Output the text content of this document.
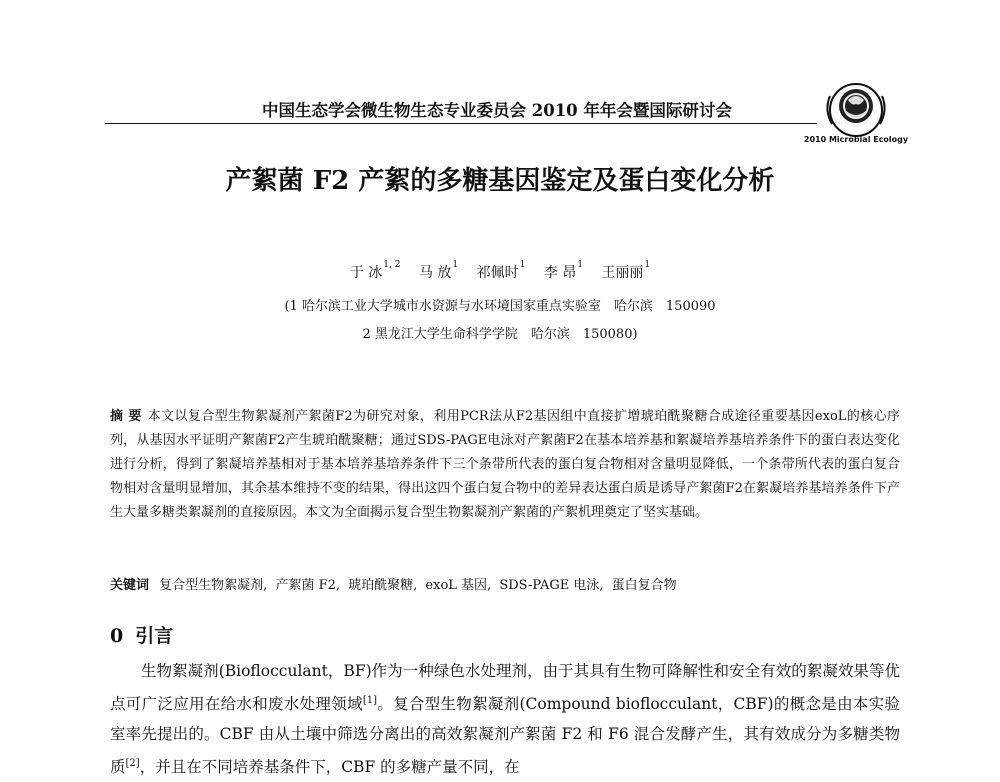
中国生态学会微生物生态专业委员会 2010 年年会暨国际研讨会
2010 Microbial Ecology
产絮菌 F2 产絮的多糖基因鉴定及蛋白变化分析
于 冰$^{1, 2}$ 马 放$^1$ 祁佩时$^1$ 李 昂$^1$ 王丽丽$^1$
(1 哈尔滨工业大学城市水资源与水环境国家重点实验室　哈尔滨　150090
2 黑龙江大学生命科学学院　哈尔滨　150080)
摘 要 本文以复合型生物絮凝剂产絮菌F2为研究对象，利用PCR法从F2基因组中直接扩增琥珀酰聚糖合成途径重要基因exoL的核心序列，从基因水平证明产絮菌F2产生琥珀酰聚糖；通过SDS-PAGE电泳对产絮菌F2在基本培养基和絮凝培养基培养条件下的蛋白表达变化进行分析，得到了絮凝培养基相对于基本培养基培养条件下三个条带所代表的蛋白复合物相对含量明显降低，一个条带所代表的蛋白复合物相对含量明显增加，其余基本维持不变的结果，得出这四个蛋白复合物中的差异表达蛋白质是诱导产絮菌F2在絮凝培养基培养条件下产生大量多糖类絮凝剂的直接原因。本文为全面揭示复合型生物絮凝剂产絮菌的产絮机理奠定了坚实基础。
关键词 复合型生物絮凝剂, 产絮菌 F2, 琥珀酰聚糖, exoL 基因, SDS-PAGE 电泳, 蛋白复合物
0 引言
生物絮凝剂(Bioflocculant，BF)作为一种绿色水处理剂，由于其具有生物可降解性和安全有效的絮凝效果等优点可广泛应用在给水和废水处理领域[1]。复合型生物絮凝剂(Compound bioflocculant，CBF)的概念是由本实验室率先提出的。CBF 由从土壤中筛选分离出的高效絮凝剂产絮菌 F2 和 F6 混合发酵产生，其有效成分为多糖类物质[2]，并且在不同培养基条件下，CBF 的多糖产量不同，在
